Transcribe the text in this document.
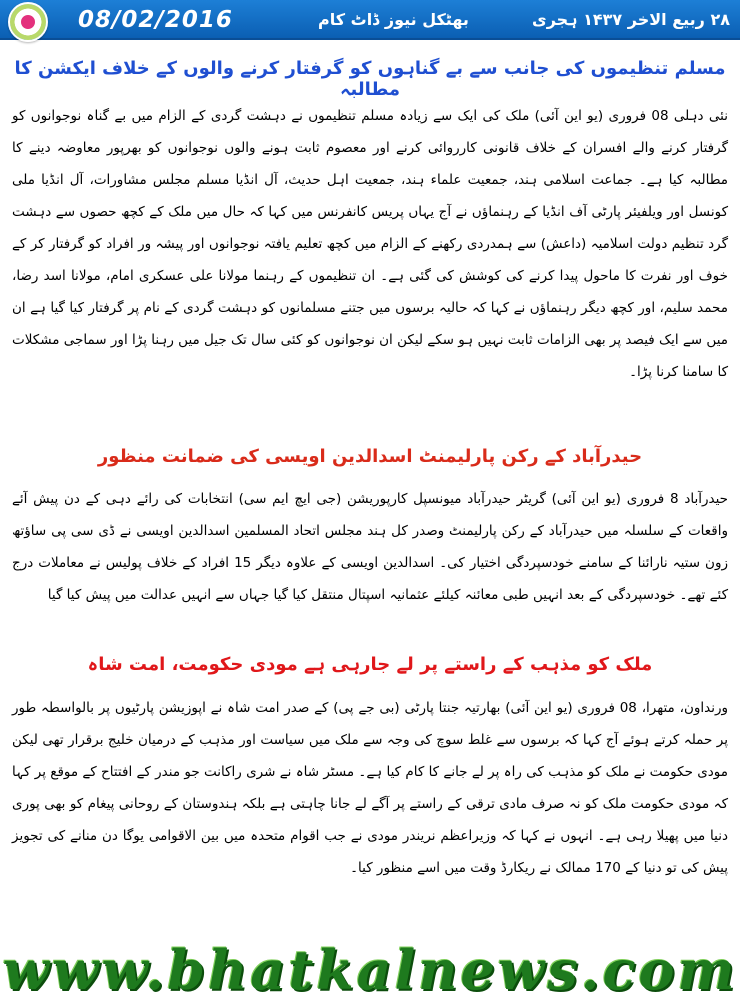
08/02/2016	بھٹکل نیوز ڈاٹ کام	۲۸ ربیع الاخر ۱۴۳۷ ہجری
مسلم تنظیموں کی جانب سے بے گناہوں کو گرفتار کرنے والوں کے خلاف ایکشن کا مطالبہ
نئی دہلی 08 فروری (یو این آئی) ملک کی ایک سے زیادہ مسلم تنظیموں نے دہشت گردی کے الزام میں بے گناہ نوجوانوں کو گرفتار کرنے والے افسران کے خلاف قانونی کارروائی کرنے اور معصوم ثابت ہونے والوں نوجوانوں کو بھرپور معاوضہ دینے کا مطالبہ کیا ہے۔ جماعت اسلامی ہند، جمعیت علماء ہند، جمعیت اہل حدیث، آل انڈیا مسلم مجلس مشاورات، آل انڈیا ملی کونسل اور ویلفیئر پارٹی آف انڈیا کے رہنماؤں نے آج یہاں پریس کانفرنس میں کہا کہ حال میں ملک کے کچھ حصوں سے دہشت گرد تنظیم دولت اسلامیہ (داعش) سے ہمدردی رکھنے کے الزام میں کچھ تعلیم یافتہ نوجوانوں اور پیشہ ور افراد کو گرفتار کر کے خوف اور نفرت کا ماحول پیدا کرنے کی کوشش کی گئی ہے۔ ان تنظیموں کے رہنما مولانا علی عسکری امام، مولانا اسد رضا، محمد سلیم، اور کچھ دیگر رہنماؤں نے کہا کہ حالیہ برسوں میں جتنے مسلمانوں کو دہشت گردی کے نام پر گرفتار کیا گیا ہے ان میں سے ایک فیصد پر بھی الزامات ثابت نہیں ہو سکے لیکن ان نوجوانوں کو کئی سال تک جیل میں رہنا پڑا اور سماجی مشکلات کا سامنا کرنا پڑا۔
حیدرآباد کے رکن پارلیمنٹ اسدالدین اویسی کی ضمانت منظور
حیدرآباد 8 فروری (یو این آئی) گریٹر حیدرآباد میونسپل کارپوریشن (جی ایچ ایم سی) انتخابات کی رائے دہی کے دن پیش آئے واقعات کے سلسلہ میں حیدرآباد کے رکن پارلیمنٹ وصدر کل ہند مجلس اتحاد المسلمین اسدالدین اویسی نے ڈی سی پی ساؤتھ زون ستیہ نارائنا کے سامنے خودسپردگی اختیار کی۔ اسدالدین اویسی کے علاوہ دیگر 15 افراد کے خلاف پولیس نے معاملات درج کئے تھے۔ خودسپردگی کے بعد انہیں طبی معائنہ کیلئے عثمانیہ اسپتال منتقل کیا گیا جہاں سے انہیں عدالت میں پیش کیا گیا
ملک کو مذہب کے راستے پر لے جارہی ہے مودی حکومت، امت شاہ
ورنداون، متھرا، 08 فروری (یو این آئی) بھارتیہ جنتا پارٹی (بی جے پی) کے صدر امت شاہ نے اپوزیشن پارٹیوں پر بالواسطہ طور پر حملہ کرتے ہوئے آج کہا کہ برسوں سے غلط سوچ کی وجہ سے ملک میں سیاست اور مذہب کے درمیان خلیج برقرار تھی لیکن مودی حکومت نے ملک کو مذہب کی راہ پر لے جانے کا کام کیا ہے۔ مسٹر شاہ نے شری راکانت جو مندر کے افتتاح کے موقع پر کہا کہ مودی حکومت ملک کو نہ صرف مادی ترقی کے راستے پر آگے لے جانا چاہتی ہے بلکہ ہندوستان کے روحانی پیغام کو بھی پوری دنیا میں پھیلا رہی ہے۔ انہوں نے کہا کہ وزیراعظم نریندر مودی نے جب اقوام متحدہ میں بین الاقوامی یوگا دن منانے کی تجویز پیش کی تو دنیا کے 170 ممالک نے ریکارڈ وقت میں اسے منظور کیا۔
www.bhatkalnews.com
